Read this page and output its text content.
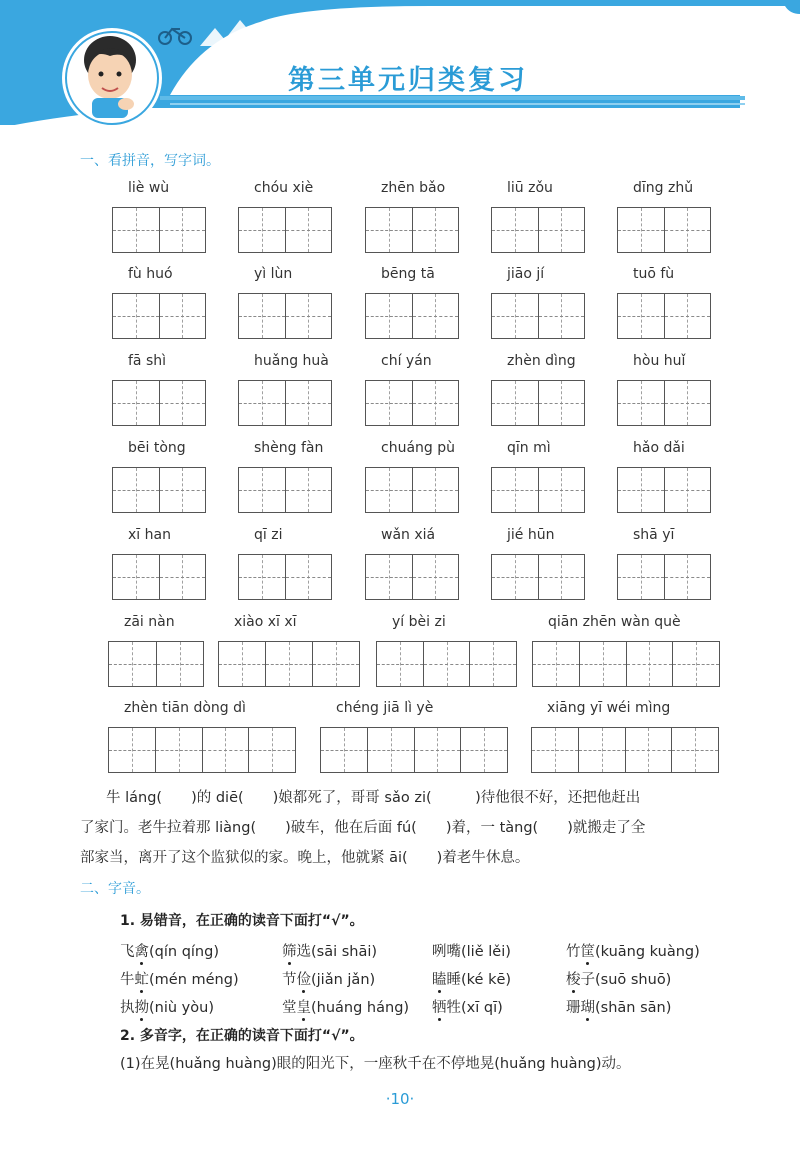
第三单元归类复习
一、看拼音，写字词。
liè wù	chóu xiè	zhēn bǎo	liū zǒu	dīng zhǔ
fù huó	yì lùn	bēng tā	jiāo jí	tuō fù
fā shì	huǎng huà	chí yán	zhèn dìng	hòu huǐ
bēi tòng	shèng fàn	chuáng pù	qīn mì	hǎo dǎi
xī han	qī zi	wǎn xiá	jié hūn	shā yī
zāi nàn	xiào xī xī	yí bèi zi	qiān zhēn wàn què
zhèn tiān dòng dì	chéng jiā lì yè	xiāng yī wéi mìng
牛 láng(　　)的 diē(　　)娘都死了，哥哥 sǎo zi(　　　)待他很不好，还把他赶出
了家门。老牛拉着那 liàng(　　)破车，他在后面 fú(　　)着，一 tàng(　　)就搬走了全
部家当，离开了这个监狱似的家。晚上，他就紧 āi(　　)着老牛休息。
二、字音。
1. 易错音，在正确的读音下面打“√”。
飞禽(qín qíng)	筛选(sāi shāi)	咧嘴(liě lěi)	竹筐(kuāng kuàng)
牛虻(mén méng)	节俭(jiǎn jǎn)	瞌睡(ké kē)	梭子(suō shuō)
执拗(niù yòu)	堂皇(huáng háng) 牺牲(xī qī)	珊瑚(shān sān)
2. 多音字，在正确的读音下面打“√”。
(1)在晃(huǎng huàng)眼的阳光下，一座秋千在不停地晃(huǎng huàng)动。
·10·
